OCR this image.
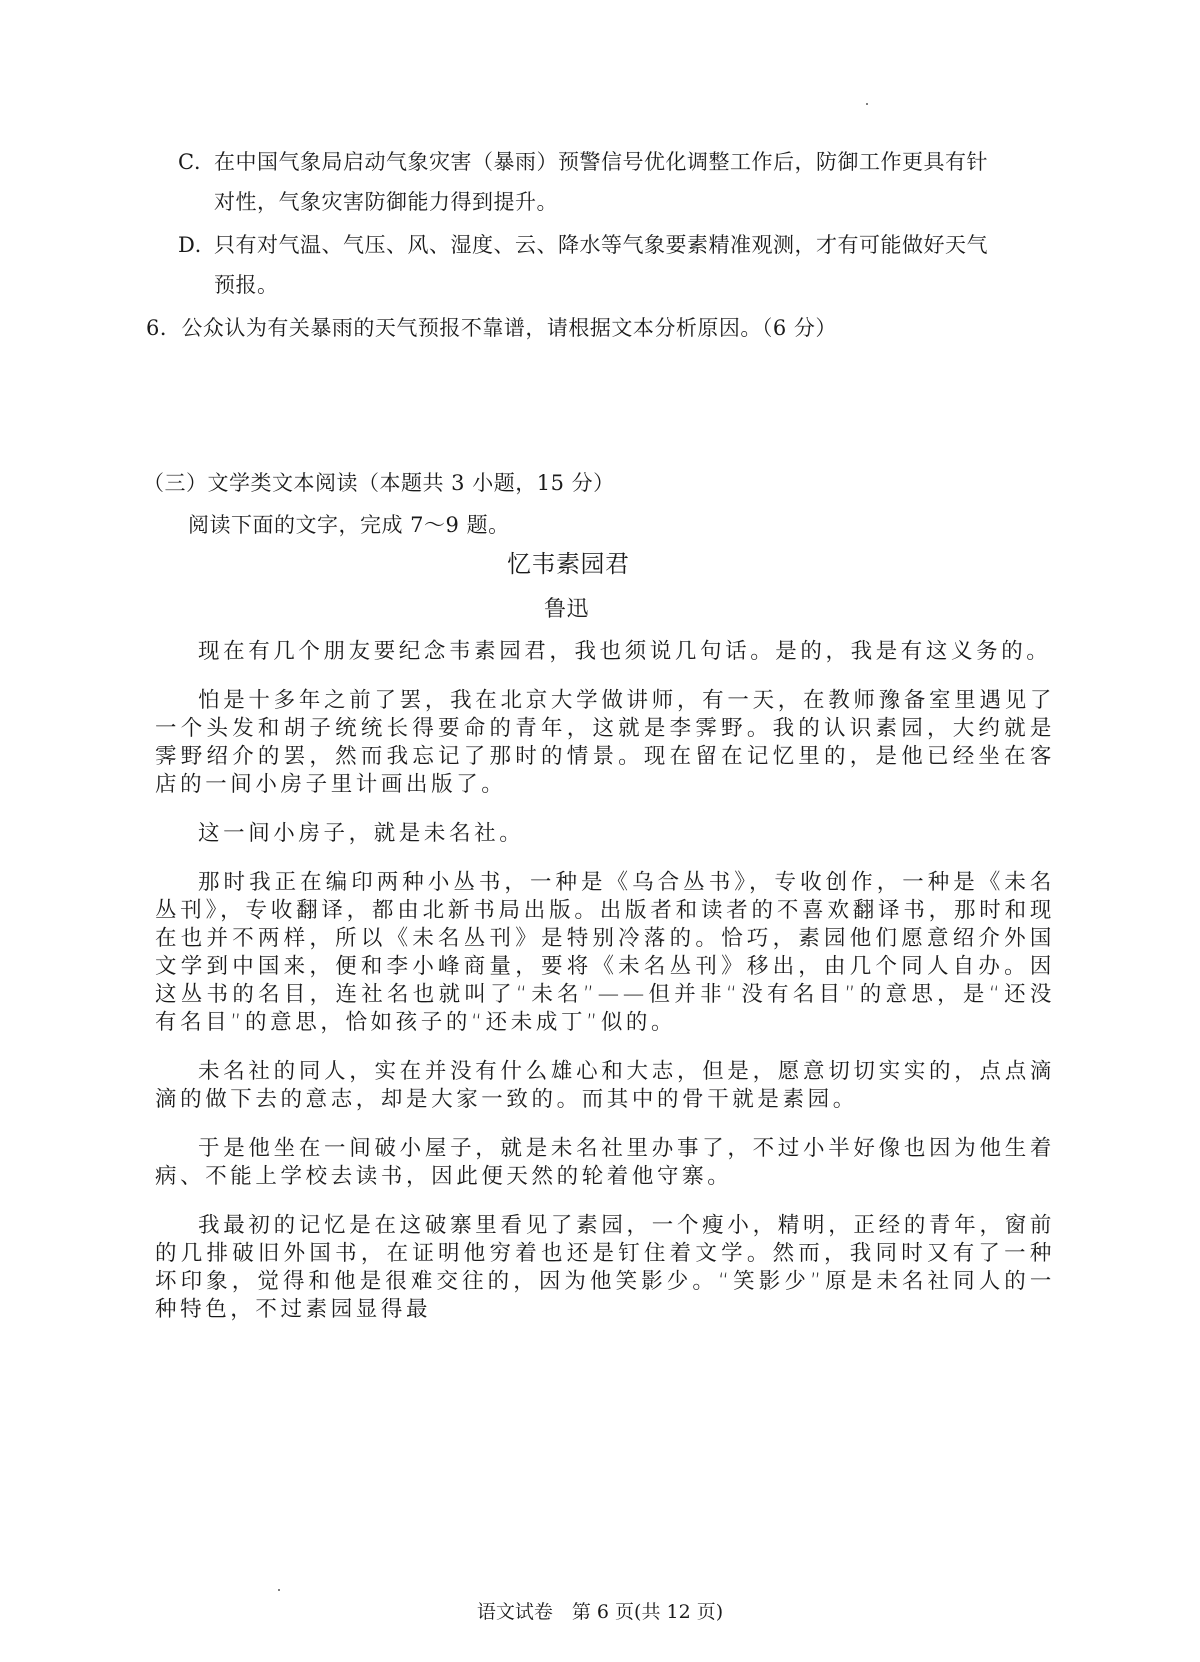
C. 在中国气象局启动气象灾害（暴雨）预警信号优化调整工作后，防御工作更具有针
对性，气象灾害防御能力得到提升。
D. 只有对气温、气压、风、湿度、云、降水等气象要素精准观测，才有可能做好天气
预报。
6．公众认为有关暴雨的天气预报不靠谱，请根据文本分析原因。（6 分）
（三）文学类文本阅读（本题共 3 小题，15 分）
阅读下面的文字，完成 7～9 题。
忆韦素园君
鲁迅

现在有几个朋友要纪念韦素园君，我也须说几句话。是的，我是有这义务的。

怕是十多年之前了罢，我在北京大学做讲师，有一天，在教师豫备室里遇见了一个头发和胡子统统长得要命的青年，这就是李霁野。我的认识素园，大约就是霁野绍介的罢，然而我忘记了那时的情景。现在留在记忆里的，是他已经坐在客店的一间小房子里计画出版了。

这一间小房子，就是未名社。

那时我正在编印两种小丛书，一种是《乌合丛书》，专收创作，一种是《未名丛刊》，专收翻译，都由北新书局出版。出版者和读者的不喜欢翻译书，那时和现在也并不两样，所以《未名丛刊》是特别冷落的。恰巧，素园他们愿意绍介外国文学到中国来，便和李小峰商量，要将《未名丛刊》移出，由几个同人自办。因这丛书的名目，连社名也就叫了“未名”——但并非“没有名目”的意思，是“还没有名目”的意思，恰如孩子的“还未成丁”似的。

未名社的同人，实在并没有什么雄心和大志，但是，愿意切切实实的，点点滴滴的做下去的意志，却是大家一致的。而其中的骨干就是素园。

于是他坐在一间破小屋子，就是未名社里办事了，不过小半好像也因为他生着病、不能上学校去读书，因此便天然的轮着他守寨。

我最初的记忆是在这破寨里看见了素园，一个瘦小，精明，正经的青年，窗前的几排破旧外国书，在证明他穷着也还是钉住着文学。然而，我同时又有了一种坏印象，觉得和他是很难交往的，因为他笑影少。“笑影少”原是未名社同人的一种特色，不过素园显得最

语文试卷　第 6 页(共 12 页)
